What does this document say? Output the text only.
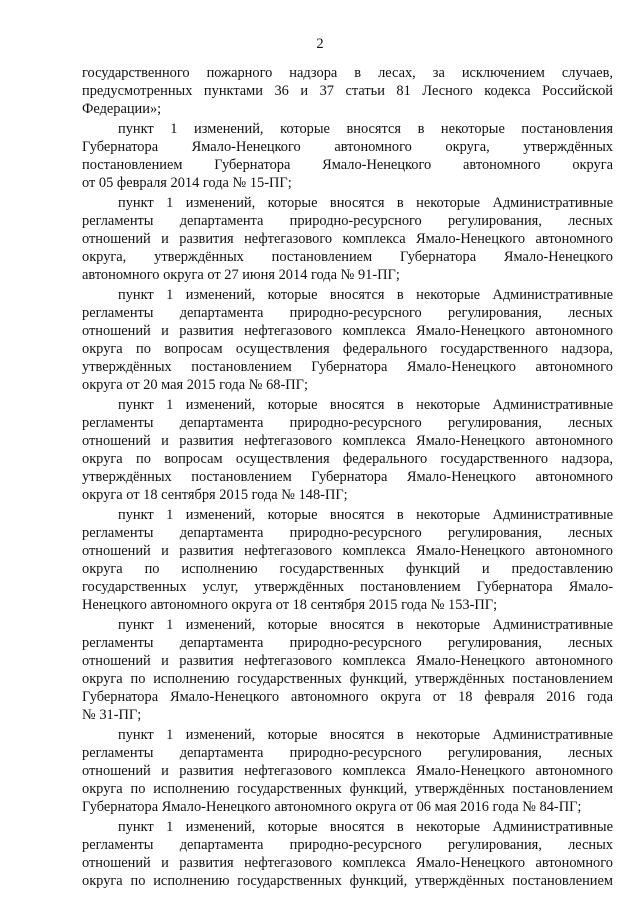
2
государственного пожарного надзора в лесах, за исключением случаев,
предусмотренных пунктами 36 и 37 статьи 81 Лесного кодекса Российской
Федерации»;
пункт 1 изменений, которые вносятся в некоторые постановления
Губернатора Ямало-Ненецкого автономного округа, утверждённых
постановлением Губернатора Ямало-Ненецкого автономного округа
от 05 февраля 2014 года № 15-ПГ;
пункт 1 изменений, которые вносятся в некоторые Административные
регламенты департамента природно-ресурсного регулирования, лесных
отношений и развития нефтегазового комплекса Ямало-Ненецкого автономного
округа, утверждённых постановлением Губернатора Ямало-Ненецкого
автономного округа от 27 июня 2014 года № 91-ПГ;
пункт 1 изменений, которые вносятся в некоторые Административные
регламенты департамента природно-ресурсного регулирования, лесных
отношений и развития нефтегазового комплекса Ямало-Ненецкого автономного
округа по вопросам осуществления федерального государственного надзора,
утверждённых постановлением Губернатора Ямало-Ненецкого автономного
округа от 20 мая 2015 года № 68-ПГ;
пункт 1 изменений, которые вносятся в некоторые Административные
регламенты департамента природно-ресурсного регулирования, лесных
отношений и развития нефтегазового комплекса Ямало-Ненецкого автономного
округа по вопросам осуществления федерального государственного надзора,
утверждённых постановлением Губернатора Ямало-Ненецкого автономного
округа от 18 сентября 2015 года № 148-ПГ;
пункт 1 изменений, которые вносятся в некоторые Административные
регламенты департамента природно-ресурсного регулирования, лесных
отношений и развития нефтегазового комплекса Ямало-Ненецкого автономного
округа по исполнению государственных функций и предоставлению
государственных услуг, утверждённых постановлением Губернатора Ямало-
Ненецкого автономного округа от 18 сентября 2015 года № 153-ПГ;
пункт 1 изменений, которые вносятся в некоторые Административные
регламенты департамента природно-ресурсного регулирования, лесных
отношений и развития нефтегазового комплекса Ямало-Ненецкого автономного
округа по исполнению государственных функций, утверждённых постановлением
Губернатора Ямало-Ненецкого автономного округа от 18 февраля 2016 года
№ 31-ПГ;
пункт 1 изменений, которые вносятся в некоторые Административные
регламенты департамента природно-ресурсного регулирования, лесных
отношений и развития нефтегазового комплекса Ямало-Ненецкого автономного
округа по исполнению государственных функций, утверждённых постановлением
Губернатора Ямало-Ненецкого автономного округа от 06 мая 2016 года № 84-ПГ;
пункт 1 изменений, которые вносятся в некоторые Административные
регламенты департамента природно-ресурсного регулирования, лесных
отношений и развития нефтегазового комплекса Ямало-Ненецкого автономного
округа по исполнению государственных функций, утверждённых постановлением
